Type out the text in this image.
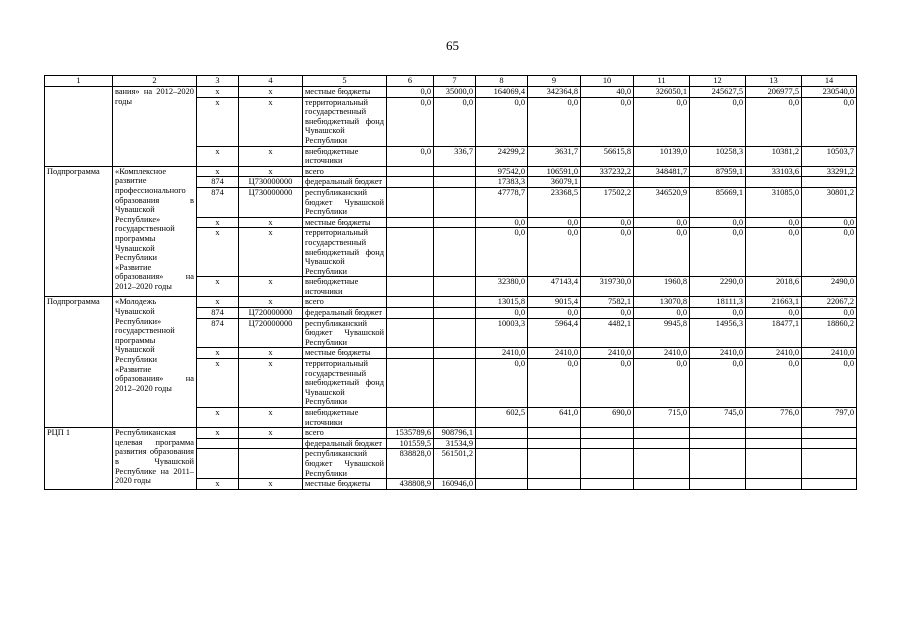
65
1	2	3	4	5	6	7	8	9	10	11	12	13	14
	вания» на 2012–2020 годы	х	х	местные бюджеты	0,0	35000,0	164069,4	342364,8	40,0	326050,1	245627,5	206977,5	230540,0
		х	х	территориальный государственный внебюджетный фонд Чувашской Республики	0,0	0,0	0,0	0,0	0,0	0,0	0,0	0,0	0,0
		х	х	внебюджетные источники	0,0	336,7	24299,2	3631,7	56615,8	10139,0	10258,3	10381,2	10503,7
Подпрограмма	«Комплексное развитие профессионального образования в Чувашской Республике» государственной программы Чувашской Республики «Развитие образования» на 2012–2020 годы	х	х	всего			97542,0	106591,0	337232,2	348481,7	87959,1	33103,6	33291,2
		874	Ц730000000	федеральный бюджет			17383,3	36079,1					
		874	Ц730000000	республиканский бюджет Чувашской Республики			47778,7	23368,5	17502,2	346520,9	85669,1	31085,0	30801,2
		х	х	местные бюджеты			0,0	0,0	0,0	0,0	0,0	0,0	0,0
		х	х	территориальный государственный внебюджетный фонд Чувашской Республики			0,0	0,0	0,0	0,0	0,0	0,0	0,0
		х	х	внебюджетные источники			32380,0	47143,4	319730,0	1960,8	2290,0	2018,6	2490,0
Подпрограмма	«Молодежь Чувашской Республики» государственной программы Чувашской Республики «Развитие образования» на 2012–2020 годы	х	х	всего			13015,8	9015,4	7582,1	13070,8	18111,3	21663,1	22067,2
		874	Ц720000000	федеральный бюджет			0,0	0,0	0,0	0,0	0,0	0,0	0,0
		874	Ц720000000	республиканский бюджет Чувашской Республики			10003,3	5964,4	4482,1	9945,8	14956,3	18477,1	18860,2
		х	х	местные бюджеты			2410,0	2410,0	2410,0	2410,0	2410,0	2410,0	2410,0
		х	х	территориальный государственный внебюджетный фонд Чувашской Республики			0,0	0,0	0,0	0,0	0,0	0,0	0,0
		х	х	внебюджетные источники			602,5	641,0	690,0	715,0	745,0	776,0	797,0
РЦП 1	Республиканская целевая программа развития образования в Чувашской Республике на 2011–2020 годы	х	х	всего	1535789,6	908796,1							
				федеральный бюджет	101559,5	31534,9							
				республиканский бюджет Чувашской Республики	838828,0	561501,2							
		х	х	местные бюджеты	438808,9	160946,0							
